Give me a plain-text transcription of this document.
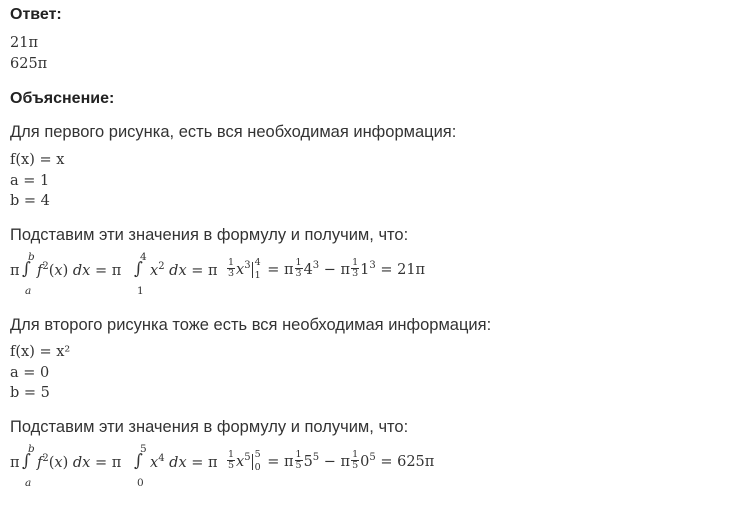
Ответ:
21π
625π
Объяснение:
Для первого рисунка, есть вся необходимая информация:
f(x) = x
a = 1
b = 4
Подставим эти значения в формулу и получим, что:
π
b
∫
a
$f^2(x)$ dx = π
4
∫
1
$x^2$ dx = π $\frac{1}{3} x^3$ 4
1 = π $\frac{1}{3} 4^3 - \pi \frac{1}{3} 1^3 = 21\pi$
Для второго рисунка тоже есть вся необходимая информация:
f(x) = x²
a = 0
b = 5
Подставим эти значения в формулу и получим, что:
π
b
∫
a
$f^2(x)$ dx = π
5
∫
0
$x^4$ dx = π $\frac{1}{5} x^5$ 5
0 = π $\frac{1}{5} 5^5 - \pi \frac{1}{5} 0^5 = 625\pi$
